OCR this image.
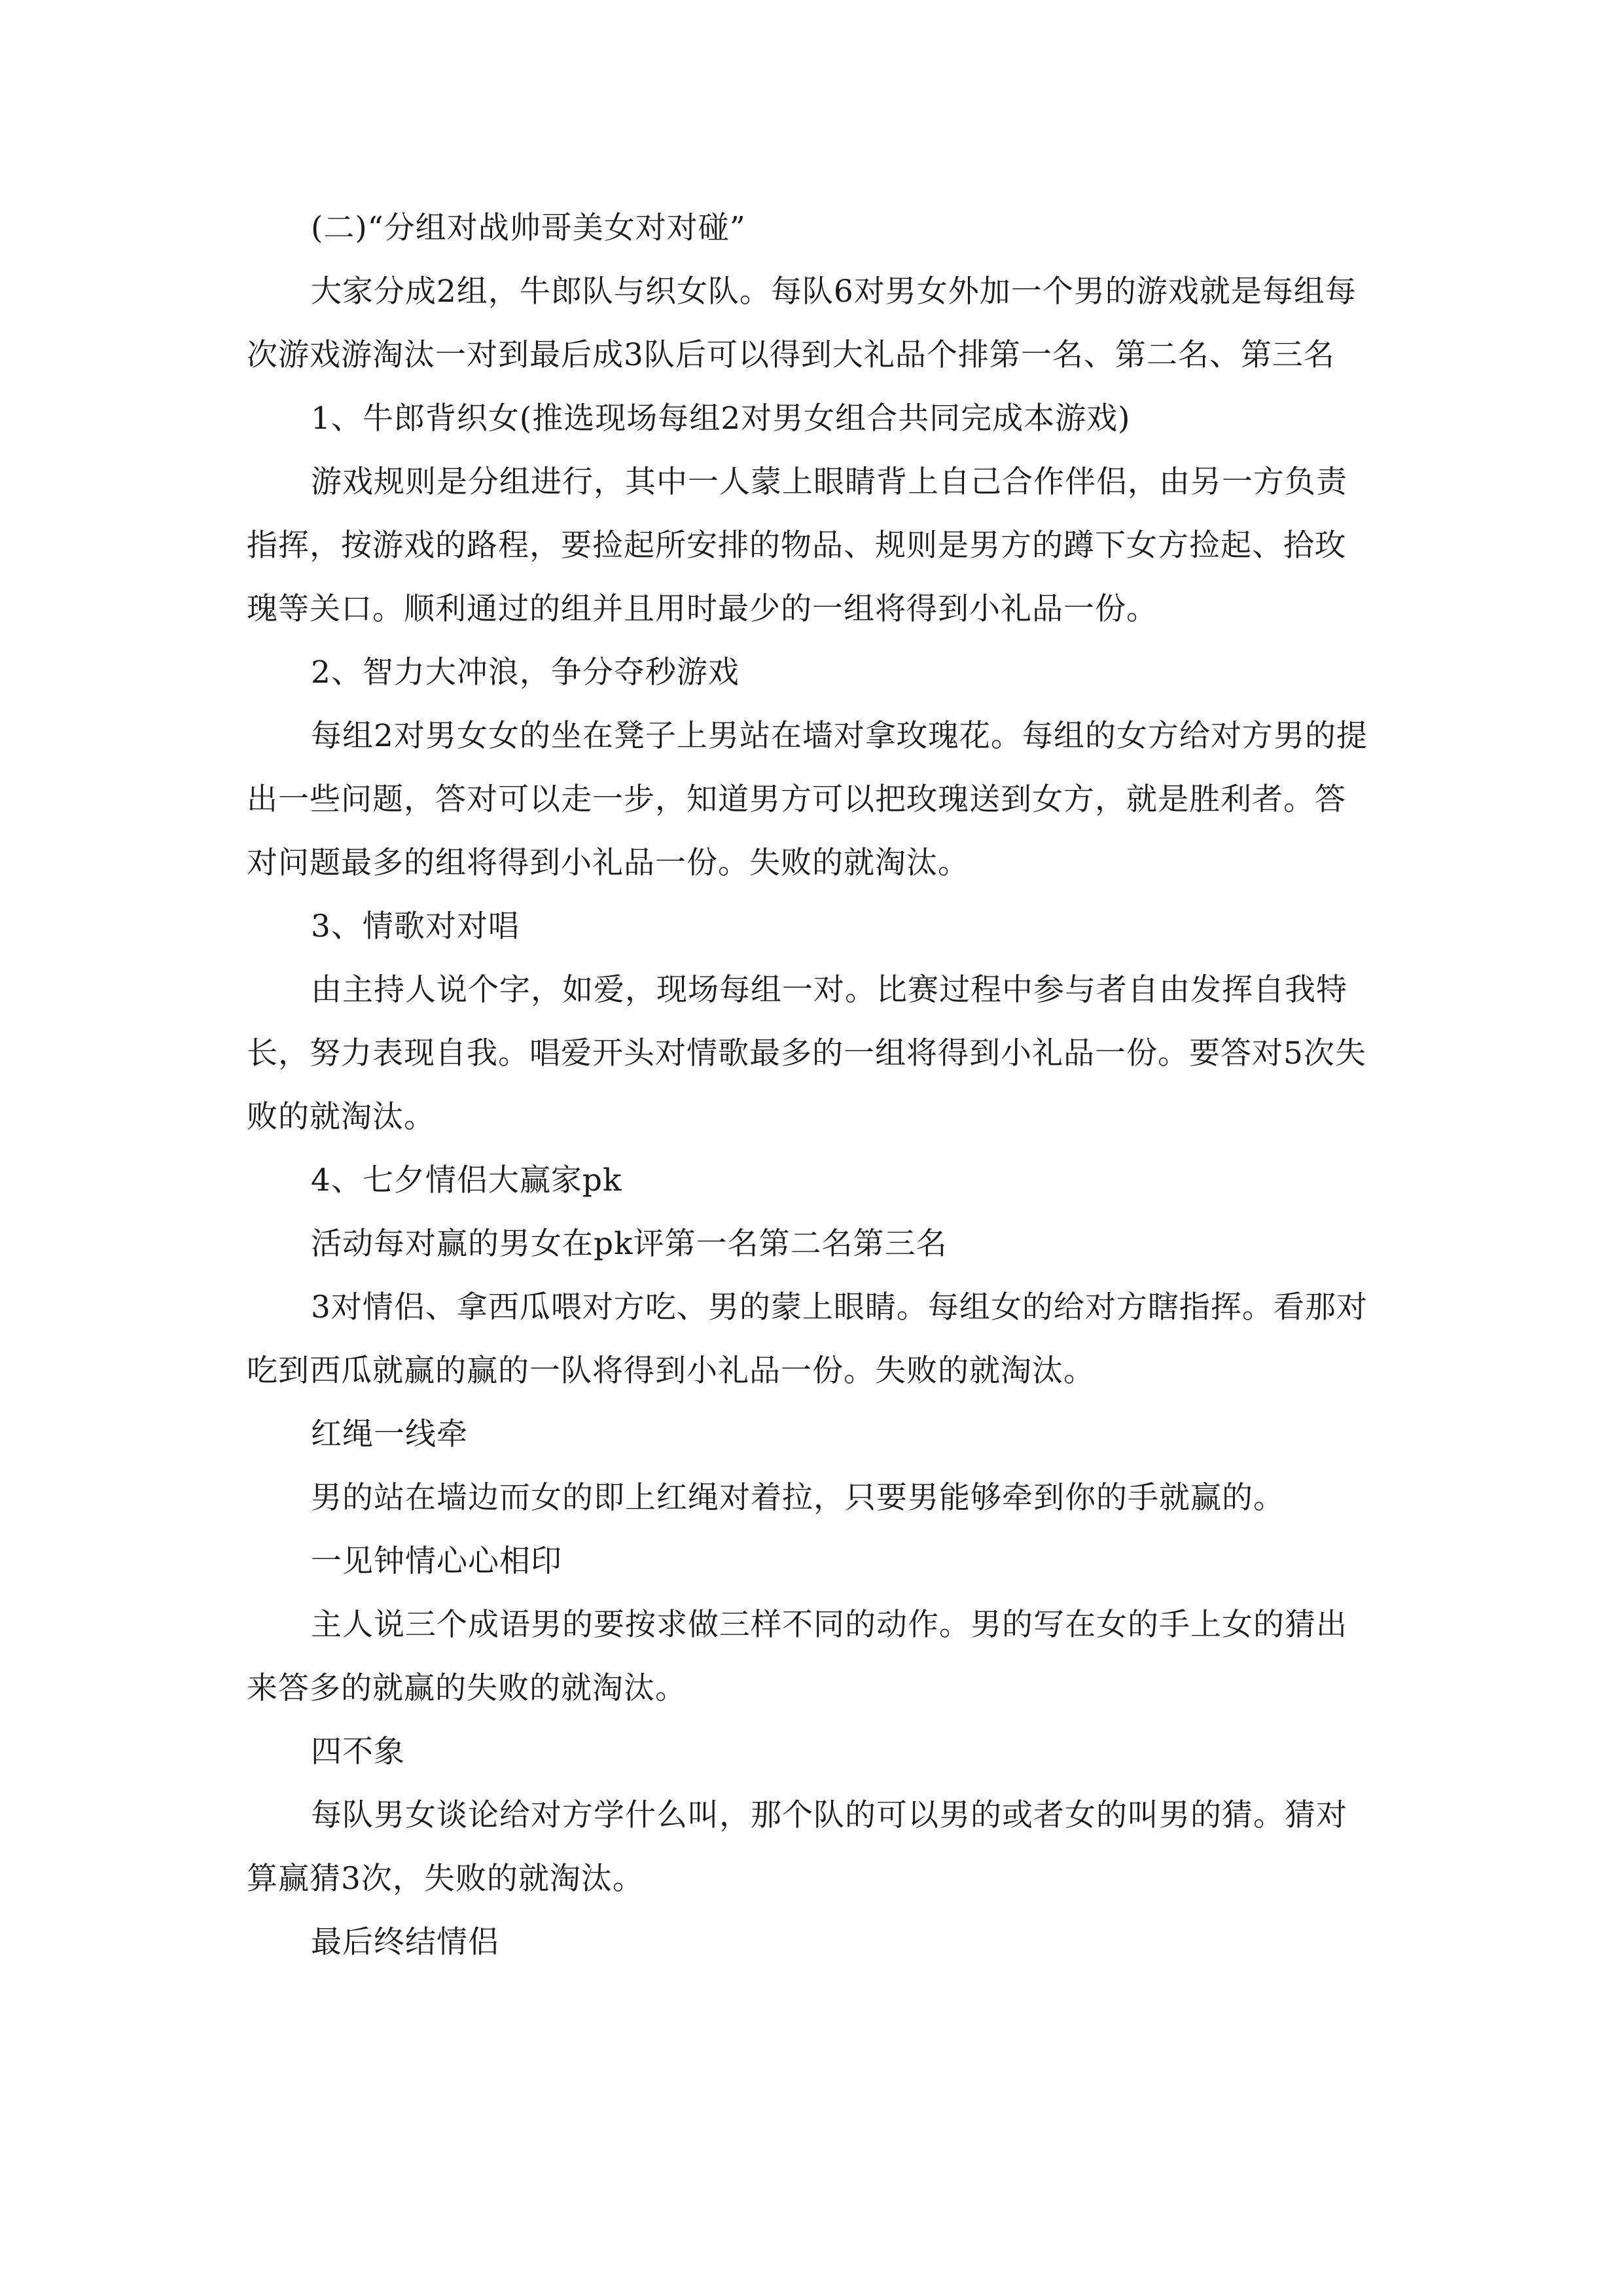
(二)“分组对战帅哥美女对对碰”

大家分成2组，牛郎队与织女队。每队6对男女外加一个男的游戏就是每组每次游戏游淘汰一对到最后成3队后可以得到大礼品个排第一名、第二名、第三名

1、牛郎背织女(推选现场每组2对男女组合共同完成本游戏)

游戏规则是分组进行，其中一人蒙上眼睛背上自己合作伴侣，由另一方负责指挥，按游戏的路程，要捡起所安排的物品、规则是男方的蹲下女方捡起、拾玫瑰等关口。顺利通过的组并且用时最少的一组将得到小礼品一份。

2、智力大冲浪，争分夺秒游戏

每组2对男女女的坐在凳子上男站在墙对拿玫瑰花。每组的女方给对方男的提出一些问题，答对可以走一步，知道男方可以把玫瑰送到女方，就是胜利者。答对问题最多的组将得到小礼品一份。失败的就淘汰。

3、情歌对对唱

由主持人说个字，如爱，现场每组一对。比赛过程中参与者自由发挥自我特长，努力表现自我。唱爱开头对情歌最多的一组将得到小礼品一份。要答对5次失败的就淘汰。

4、七夕情侣大赢家pk

活动每对赢的男女在pk评第一名第二名第三名

3对情侣、拿西瓜喂对方吃、男的蒙上眼睛。每组女的给对方瞎指挥。看那对吃到西瓜就赢的赢的一队将得到小礼品一份。失败的就淘汰。

红绳一线牵

男的站在墙边而女的即上红绳对着拉，只要男能够牵到你的手就赢的。

一见钟情心心相印

主人说三个成语男的要按求做三样不同的动作。男的写在女的手上女的猜出来答多的就赢的失败的就淘汰。

四不象

每队男女谈论给对方学什么叫，那个队的可以男的或者女的叫男的猜。猜对算赢猜3次，失败的就淘汰。

最后终结情侣
